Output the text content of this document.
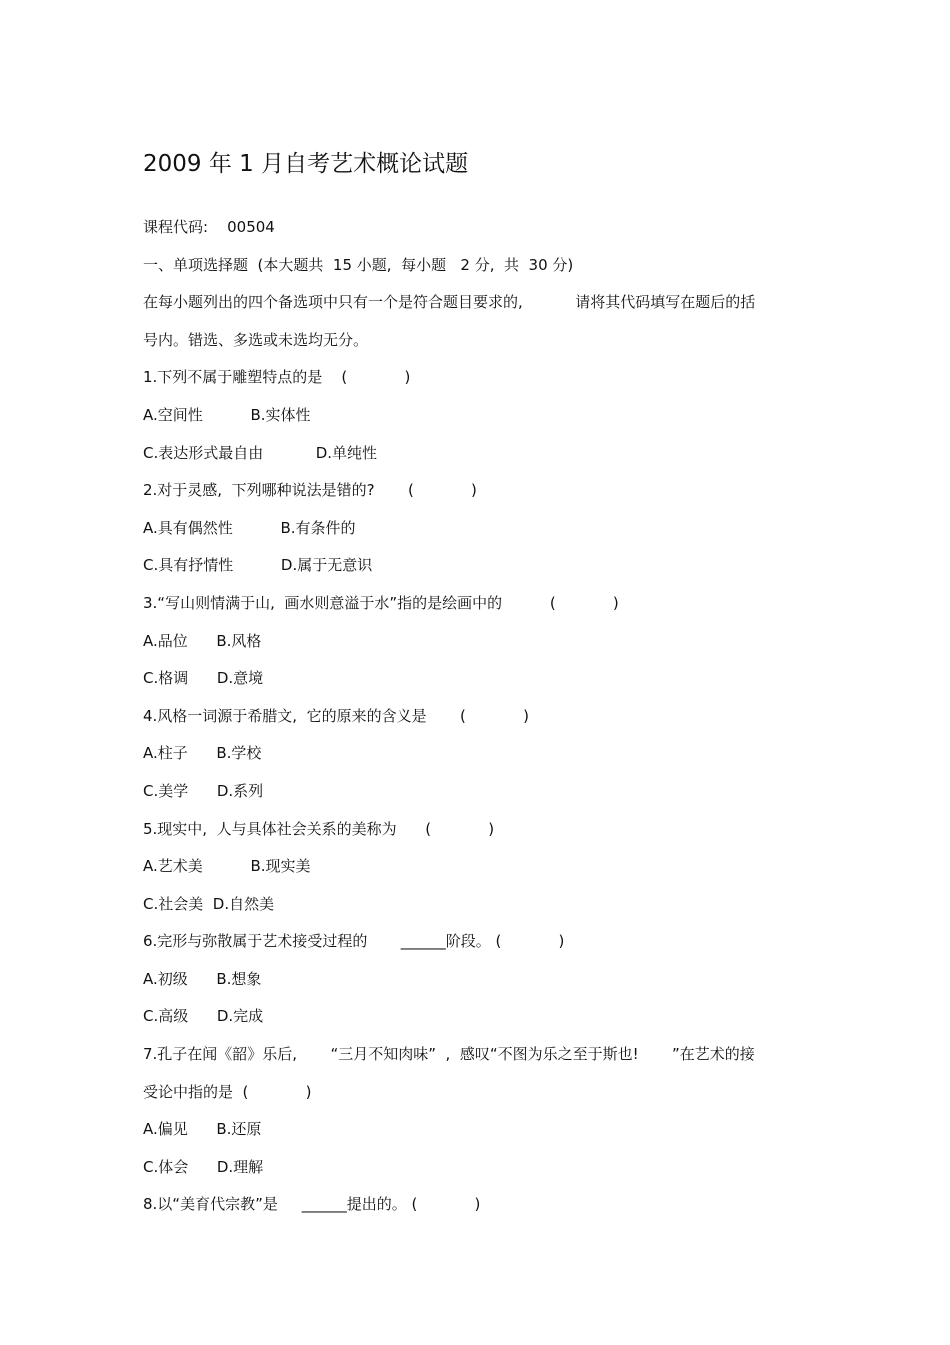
2009 年 1 月自考艺术概论试题
课程代码:    00504
一、单项选择题  (本大题共  15 小题,  每小题   2 分,  共  30 分)
在每小题列出的四个备选项中只有一个是符合题目要求的,           请将其代码填写在题后的括
号内。错选、多选或未选均无分。
1.下列不属于雕塑特点的是    (            )
A.空间性          B.实体性
C.表达形式最自由           D.单纯性
2.对于灵感,  下列哪种说法是错的?       (            )
A.具有偶然性          B.有条件的
C.具有抒情性          D.属于无意识
3.“写山则情满于山,  画水则意溢于水”指的是绘画中的          (            )
A.品位      B.风格
C.格调      D.意境
4.风格一词源于希腊文,  它的原来的含义是       (            )
A.柱子      B.学校
C.美学      D.系列
5.现实中,  人与具体社会关系的美称为      (            )
A.艺术美          B.现实美
C.社会美  D.自然美
6.完形与弥散属于艺术接受过程的       ______阶段。 (            )
A.初级      B.想象
C.高级      D.完成
7.孔子在闻《韶》乐后,       “三月不知肉味”  ,  感叹“不图为乐之至于斯也!       ”在艺术的接
受论中指的是  (            )
A.偏见      B.还原
C.体会      D.理解
8.以“美育代宗教”是     ______提出的。 (            )
